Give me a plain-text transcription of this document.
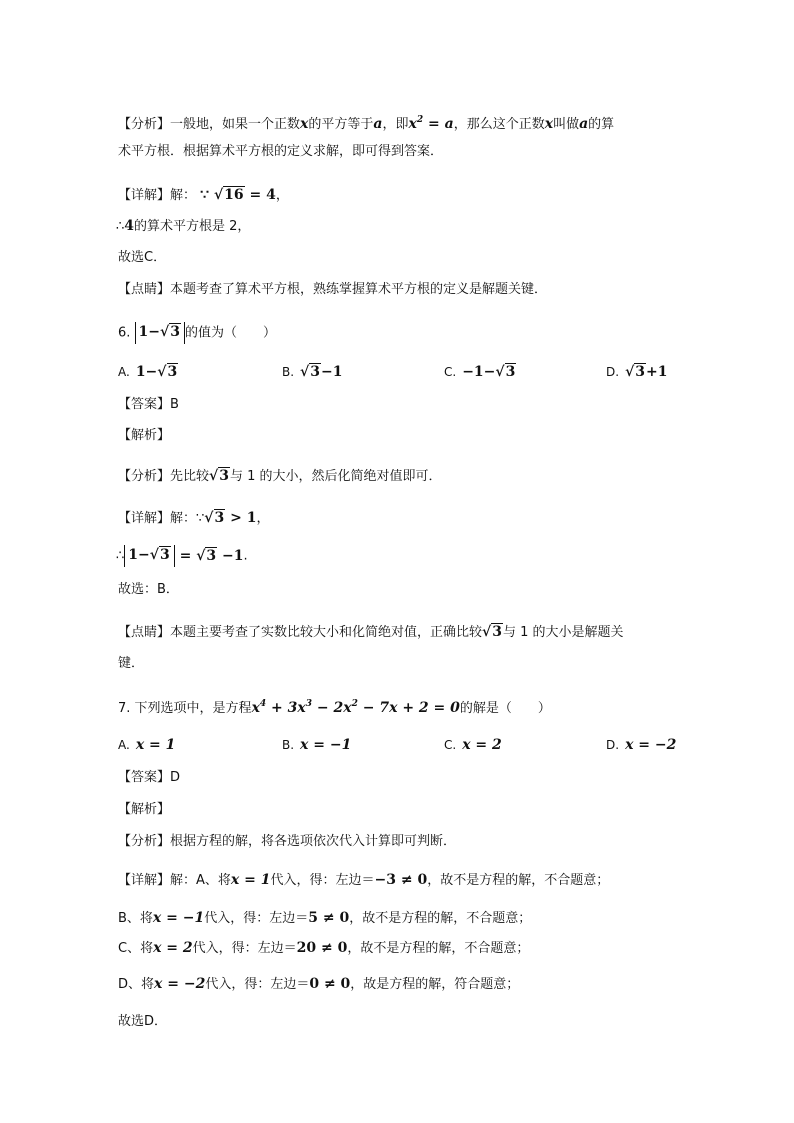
【分析】一般地，如果一个正数x的平方等于a，即$x^2 = a$，那么这个正数x叫做a的算
术平方根．根据算术平方根的定义求解，即可得到答案．
【详解】解： ∵ √16 = 4，
∴4的算术平方根是 2，
故选C．
【点睛】本题考查了算术平方根，熟练掌握算术平方根的定义是解题关键．
6. 1−√3 的值为（　　）
A. 1−√3	B. √3−1	C. −1−√3	D. √3+1
【答案】B
【解析】
【分析】先比较√3与 1 的大小，然后化简绝对值即可．
【详解】解：∵√3 > 1，
∴ 1−√3 = √3 −1.
故选：B．
【点睛】本题主要考查了实数比较大小和化简绝对值，正确比较√3与 1 的大小是解题关
键．
7. 下列选项中，是方程$x^4 + 3x^3 - 2x^2 - 7x + 2 = 0$的解是（　　）
A. x = 1	B. x = −1	C. x = 2	D. x = −2
【答案】D
【解析】
【分析】根据方程的解，将各选项依次代入计算即可判断．
【详解】解：A、将x = 1代入，得：左边＝−3 ≠ 0，故不是方程的解，不合题意；
B、将x = −1代入，得：左边＝5 ≠ 0，故不是方程的解，不合题意；
C、将x = 2代入，得：左边＝20 ≠ 0，故不是方程的解，不合题意；
D、将x = −2代入，得：左边＝0 ≠ 0，故是方程的解，符合题意；
故选D．
